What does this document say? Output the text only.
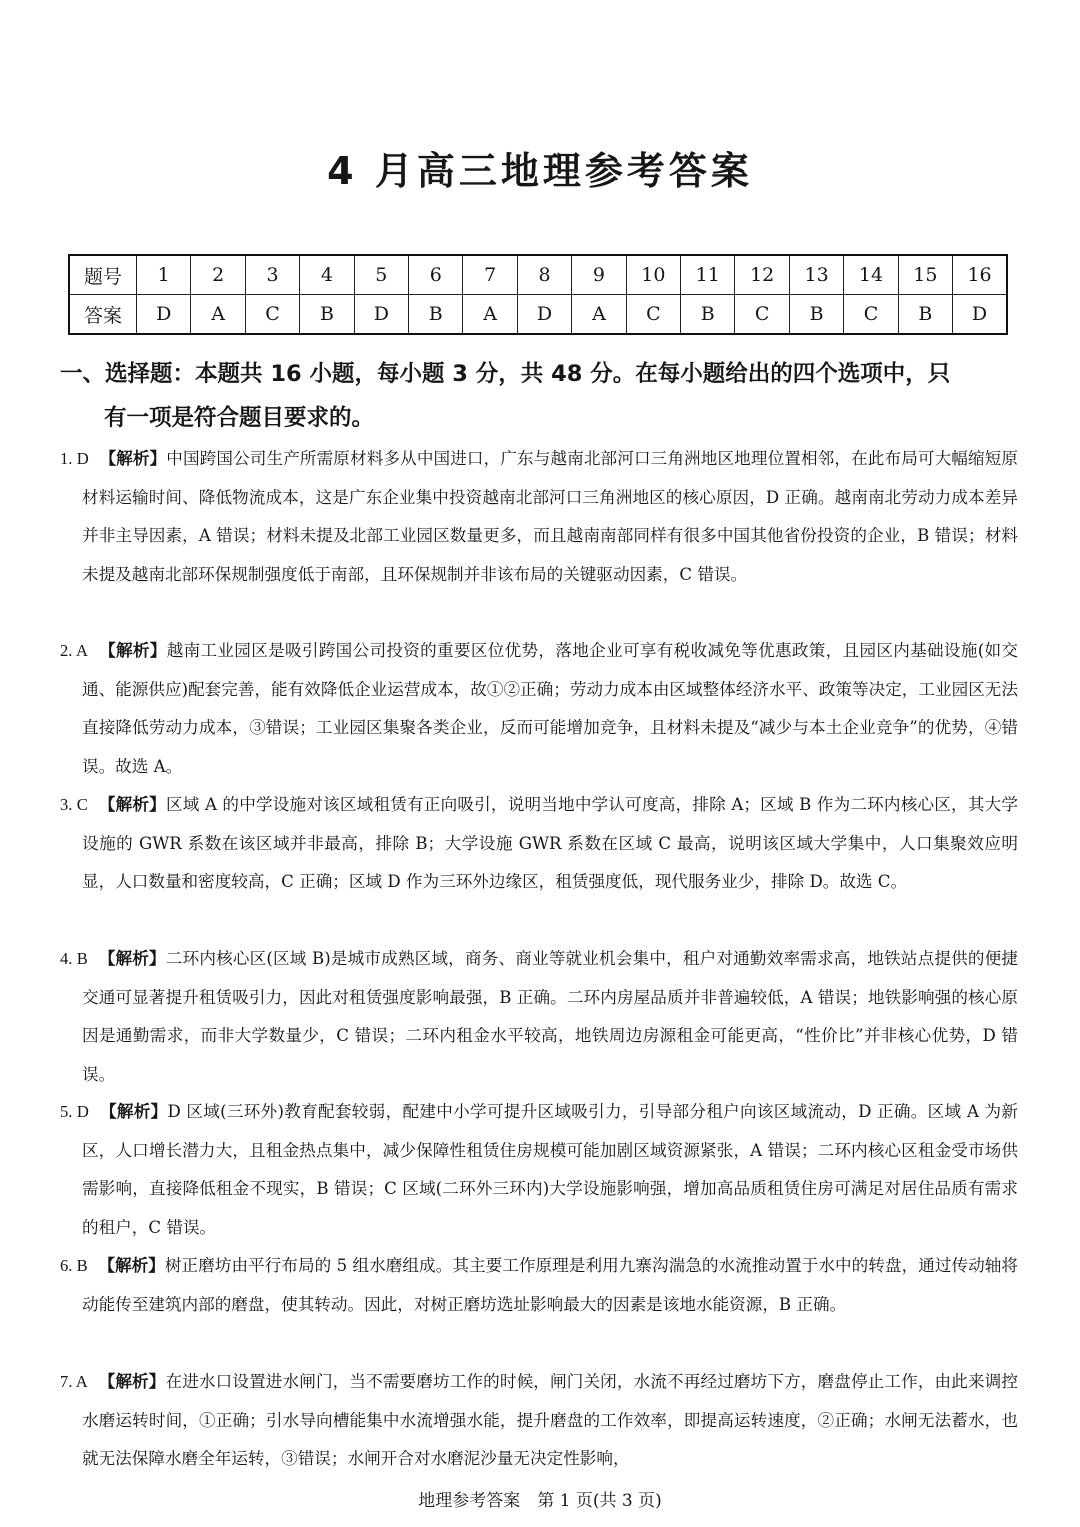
4 月高三地理参考答案
题号	1	2	3	4	5	6	7	8	9	10	11	12	13	14	15	16
答案	D	A	C	B	D	B	A	D	A	C	B	C	B	C	B	D
一、选择题：本题共 16 小题，每小题 3 分，共 48 分。在每小题给出的四个选项中，只
有一项是符合题目要求的。

1. D 【解析】中国跨国公司生产所需原材料多从中国进口，广东与越南北部河口三角洲地区地理位置相邻，在此布局可大幅缩短原材料运输时间、降低物流成本，这是广东企业集中投资越南北部河口三角洲地区的核心原因，D 正确。越南南北劳动力成本差异并非主导因素，A 错误；材料未提及北部工业园区数量更多，而且越南南部同样有很多中国其他省份投资的企业，B 错误；材料未提及越南北部环保规制强度低于南部，且环保规制并非该布局的关键驱动因素，C 错误。

2. A 【解析】越南工业园区是吸引跨国公司投资的重要区位优势，落地企业可享有税收减免等优惠政策，且园区内基础设施(如交通、能源供应)配套完善，能有效降低企业运营成本，故①②正确；劳动力成本由区域整体经济水平、政策等决定，工业园区无法直接降低劳动力成本，③错误；工业园区集聚各类企业，反而可能增加竞争，且材料未提及“减少与本土企业竞争”的优势，④错误。故选 A。

3. C 【解析】区域 A 的中学设施对该区域租赁有正向吸引，说明当地中学认可度高，排除 A；区域 B 作为二环内核心区，其大学设施的 GWR 系数在该区域并非最高，排除 B；大学设施 GWR 系数在区域 C 最高，说明该区域大学集中，人口集聚效应明显，人口数量和密度较高，C 正确；区域 D 作为三环外边缘区，租赁强度低，现代服务业少，排除 D。故选 C。

4. B 【解析】二环内核心区(区域 B)是城市成熟区域，商务、商业等就业机会集中，租户对通勤效率需求高，地铁站点提供的便捷交通可显著提升租赁吸引力，因此对租赁强度影响最强，B 正确。二环内房屋品质并非普遍较低，A 错误；地铁影响强的核心原因是通勤需求，而非大学数量少，C 错误；二环内租金水平较高，地铁周边房源租金可能更高，“性价比”并非核心优势，D 错误。

5. D 【解析】D 区域(三环外)教育配套较弱，配建中小学可提升区域吸引力，引导部分租户向该区域流动，D 正确。区域 A 为新区，人口增长潜力大，且租金热点集中，减少保障性租赁住房规模可能加剧区域资源紧张，A 错误；二环内核心区租金受市场供需影响，直接降低租金不现实，B 错误；C 区域(二环外三环内)大学设施影响强，增加高品质租赁住房可满足对居住品质有需求的租户，C 错误。

6. B 【解析】树正磨坊由平行布局的 5 组水磨组成。其主要工作原理是利用九寨沟湍急的水流推动置于水中的转盘，通过传动轴将动能传至建筑内部的磨盘，使其转动。因此，对树正磨坊选址影响最大的因素是该地水能资源，B 正确。

7. A 【解析】在进水口设置进水闸门，当不需要磨坊工作的时候，闸门关闭，水流不再经过磨坊下方，磨盘停止工作，由此来调控水磨运转时间，①正确；引水导向槽能集中水流增强水能，提升磨盘的工作效率，即提高运转速度，②正确；水闸无法蓄水，也就无法保障水磨全年运转，③错误；水闸开合对水磨泥沙量无决定性影响，

地理参考答案　第 1 页(共 3 页)
